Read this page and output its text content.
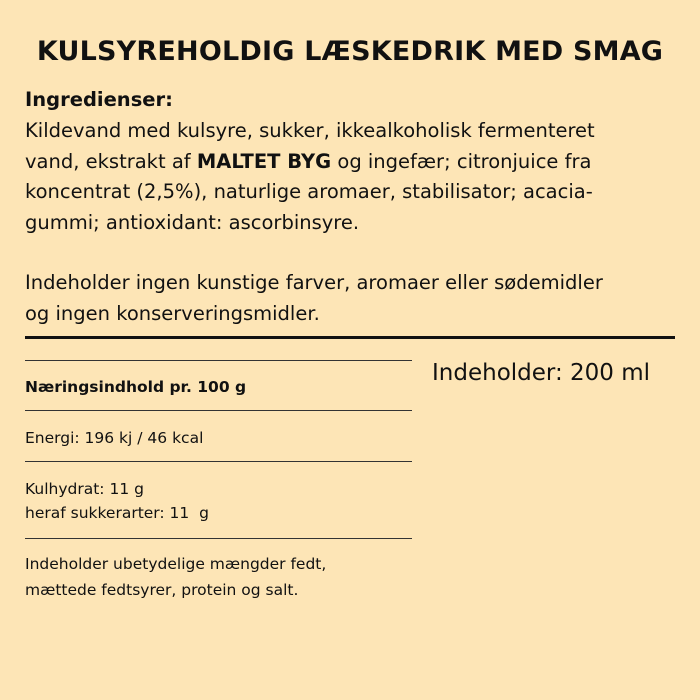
KULSYREHOLDIG LÆSKEDRIK MED SMAG
Ingredienser:
Kildevand med kulsyre, sukker, ikkealkoholisk fermenteret
vand, ekstrakt af MALTET BYG og ingefær; citronjuice fra
koncentrat (2,5%), naturlige aromaer, stabilisator; acacia-
gummi; antioxidant: ascorbinsyre.
Indeholder ingen kunstige farver, aromaer eller sødemidler
og ingen konserveringsmidler.
Indeholder: 200 ml
Næringsindhold pr. 100 g
Energi: 196 kj / 46 kcal
Kulhydrat: 11 g
heraf sukkerarter: 11  g
Indeholder ubetydelige mængder fedt,
mættede fedtsyrer, protein og salt.
